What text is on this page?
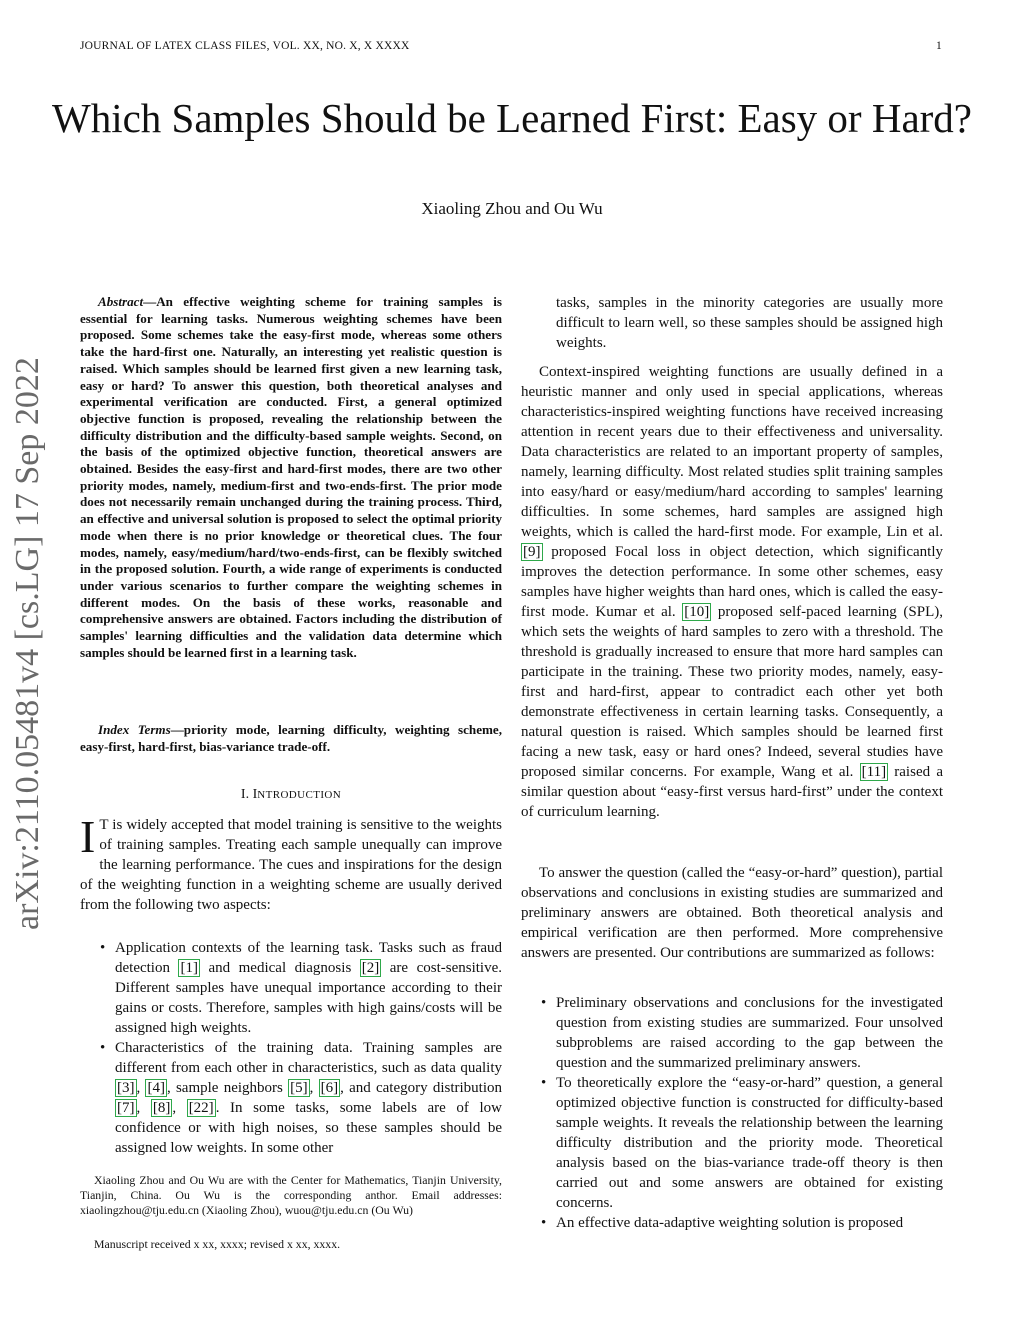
JOURNAL OF LATEX CLASS FILES, VOL. XX, NO. X, X XXXX	1
Which Samples Should be Learned First: Easy or Hard?
Xiaoling Zhou and Ou Wu
arXiv:2110.05481v4 [cs.LG] 17 Sep 2022
Abstract—An effective weighting scheme for training samples is essential for learning tasks. Numerous weighting schemes have been proposed. Some schemes take the easy-first mode, whereas some others take the hard-first one. Naturally, an interesting yet realistic question is raised. Which samples should be learned first given a new learning task, easy or hard? To answer this question, both theoretical analyses and experimental verification are conducted. First, a general optimized objective function is proposed, revealing the relationship between the difficulty distribution and the difficulty-based sample weights. Second, on the basis of the optimized objective function, theoretical answers are obtained. Besides the easy-first and hard-first modes, there are two other priority modes, namely, medium-first and two-ends-first. The prior mode does not necessarily remain unchanged during the training process. Third, an effective and universal solution is proposed to select the optimal priority mode when there is no prior knowledge or theoretical clues. The four modes, namely, easy/medium/hard/two-ends-first, can be flexibly switched in the proposed solution. Fourth, a wide range of experiments is conducted under various scenarios to further compare the weighting schemes in different modes. On the basis of these works, reasonable and comprehensive answers are obtained. Factors including the distribution of samples' learning difficulties and the validation data determine which samples should be learned first in a learning task.
Index Terms—priority mode, learning difficulty, weighting scheme, easy-first, hard-first, bias-variance trade-off.
I. INTRODUCTION
I T is widely accepted that model training is sensitive to the weights of training samples. Treating each sample unequally can improve the learning performance. The cues and inspirations for the design of the weighting function in a weighting scheme are usually derived from the following two aspects:
• Application contexts of the learning task. Tasks such as fraud detection [1] and medical diagnosis [2] are cost-sensitive. Different samples have unequal importance according to their gains or costs. Therefore, samples with high gains/costs will be assigned high weights.
• Characteristics of the training data. Training samples are different from each other in characteristics, such as data quality [3] , [4] , sample neighbors [5] , [6] , and category distribution [7] , [8] , [22] . In some tasks, some labels are of low confidence or with high noises, so these samples should be assigned low weights. In some other
Xiaoling Zhou and Ou Wu are with the Center for Mathematics, Tianjin University, Tianjin, China. Ou Wu is the corresponding anthor. Email addresses: xiaolingzhou@tju.edu.cn (Xiaoling Zhou), wuou@tju.edu.cn (Ou Wu)
Manuscript received x xx, xxxx; revised x xx, xxxx.
tasks, samples in the minority categories are usually more difficult to learn well, so these samples should be assigned high weights.
Context-inspired weighting functions are usually defined in a heuristic manner and only used in special applications, whereas characteristics-inspired weighting functions have received increasing attention in recent years due to their effectiveness and universality. Data characteristics are related to an important property of samples, namely, learning difficulty. Most related studies split training samples into easy/hard or easy/medium/hard according to samples' learning difficulties. In some schemes, hard samples are assigned high weights, which is called the hard-first mode. For example, Lin et al. [9] proposed Focal loss in object detection, which significantly improves the detection performance. In some other schemes, easy samples have higher weights than hard ones, which is called the easy-first mode. Kumar et al. [10] proposed self-paced learning (SPL), which sets the weights of hard samples to zero with a threshold. The threshold is gradually increased to ensure that more hard samples can participate in the training. These two priority modes, namely, easy-first and hard-first, appear to contradict each other yet both demonstrate effectiveness in certain learning tasks. Consequently, a natural question is raised. Which samples should be learned first facing a new task, easy or hard ones? Indeed, several studies have proposed similar concerns. For example, Wang et al. [11] raised a similar question about “easy-first versus hard-first” under the context of curriculum learning.
To answer the question (called the “easy-or-hard” question), partial observations and conclusions in existing studies are summarized and preliminary answers are obtained. Both theoretical analysis and empirical verification are then performed. More comprehensive answers are presented. Our contributions are summarized as follows:
• Preliminary observations and conclusions for the investigated question from existing studies are summarized. Four unsolved subproblems are raised according to the gap between the question and the summarized preliminary answers.
• To theoretically explore the “easy-or-hard” question, a general optimized objective function is constructed for difficulty-based sample weights. It reveals the relationship between the learning difficulty distribution and the priority mode. Theoretical analysis based on the bias-variance trade-off theory is then carried out and some answers are obtained for existing concerns.
• An effective data-adaptive weighting solution is proposed
